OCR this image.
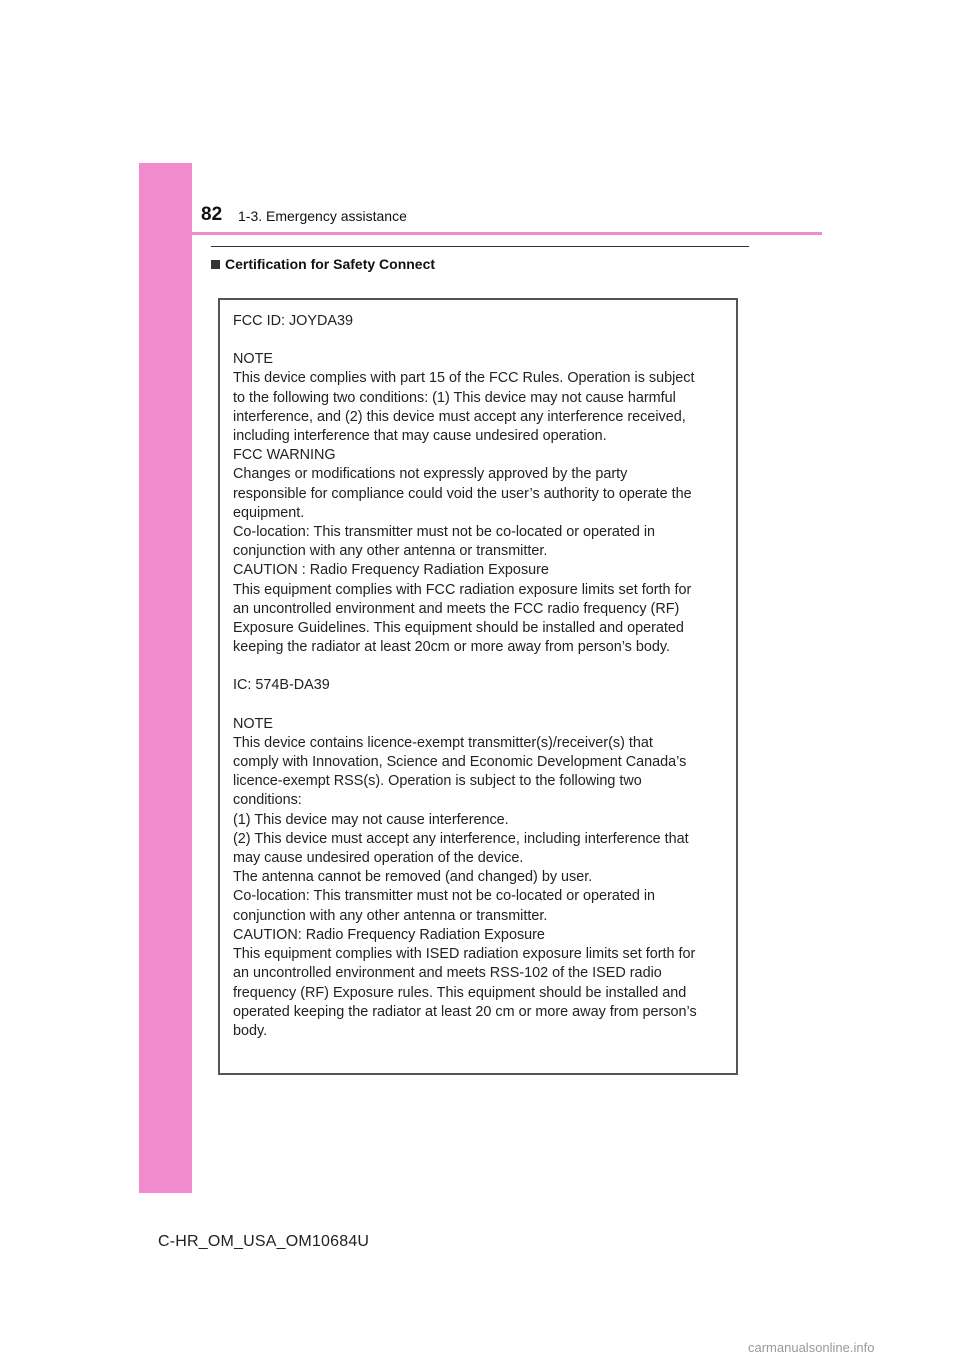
82 1-3. Emergency assistance
Certification for Safety Connect
FCC ID: JOYDA39
NOTE
This device complies with part 15 of the FCC Rules. Operation is subject
to the following two conditions: (1) This device may not cause harmful
interference, and (2) this device must accept any interference received,
including interference that may cause undesired operation.
FCC WARNING
Changes or modifications not expressly approved by the party
responsible for compliance could void the user’s authority to operate the
equipment.
Co-location: This transmitter must not be co-located or operated in
conjunction with any other antenna or transmitter.
CAUTION : Radio Frequency Radiation Exposure
This equipment complies with FCC radiation exposure limits set forth for
an uncontrolled environment and meets the FCC radio frequency (RF)
Exposure Guidelines. This equipment should be installed and operated
keeping the radiator at least 20cm or more away from person’s body.
IC: 574B-DA39
NOTE
This device contains licence-exempt transmitter(s)/receiver(s) that
comply with Innovation, Science and Economic Development Canada’s
licence-exempt RSS(s). Operation is subject to the following two
conditions:
(1) This device may not cause interference.
(2) This device must accept any interference, including interference that
may cause undesired operation of the device.
The antenna cannot be removed (and changed) by user.
Co-location: This transmitter must not be co-located or operated in
conjunction with any other antenna or transmitter.
CAUTION: Radio Frequency Radiation Exposure
This equipment complies with ISED radiation exposure limits set forth for
an uncontrolled environment and meets RSS-102 of the ISED radio
frequency (RF) Exposure rules. This equipment should be installed and
operated keeping the radiator at least 20 cm or more away from person’s
body.
C-HR_OM_USA_OM10684U
carmanualsonline.info
